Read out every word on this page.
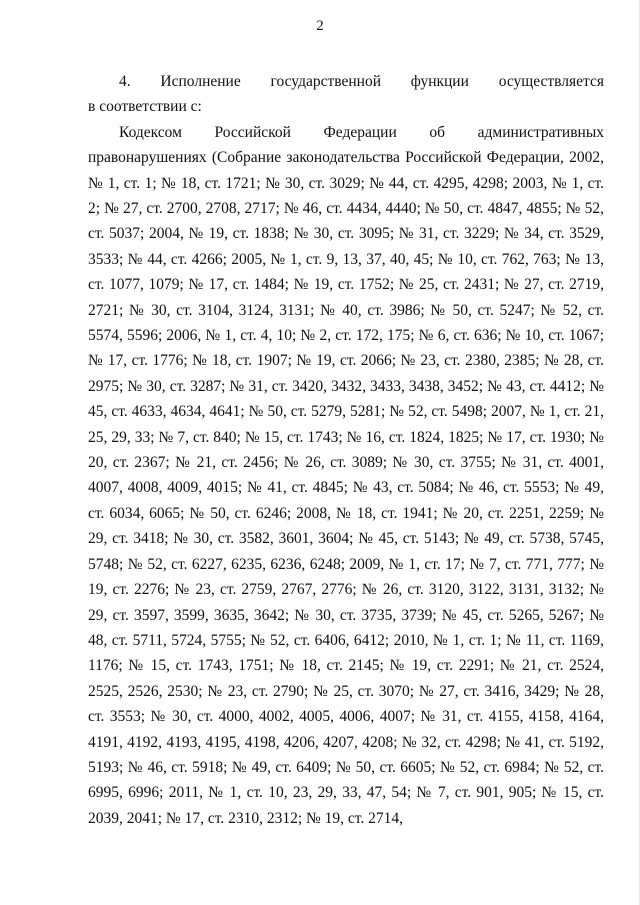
2
4. Исполнение государственной функции осуществляется
в соответствии с:

Кодексом Российской Федерации об административных правонарушениях (Собрание законодательства Российской Федерации, 2002, № 1, ст. 1; № 18, ст. 1721; № 30, ст. 3029; № 44, ст. 4295, 4298; 2003, № 1, ст. 2; № 27, ст. 2700, 2708, 2717; № 46, ст. 4434, 4440; № 50, ст. 4847, 4855; № 52, ст. 5037; 2004, № 19, ст. 1838; № 30, ст. 3095; № 31, ст. 3229; № 34, ст. 3529, 3533; № 44, ст. 4266; 2005, № 1, ст. 9, 13, 37, 40, 45; № 10, ст. 762, 763; № 13, ст. 1077, 1079; № 17, ст. 1484; № 19, ст. 1752; № 25, ст. 2431; № 27, ст. 2719, 2721; № 30, ст. 3104, 3124, 3131; № 40, ст. 3986; № 50, ст. 5247; № 52, ст. 5574, 5596; 2006, № 1, ст. 4, 10; № 2, ст. 172, 175; № 6, ст. 636; № 10, ст. 1067; № 17, ст. 1776; № 18, ст. 1907; № 19, ст. 2066; № 23, ст. 2380, 2385; № 28, ст. 2975; № 30, ст. 3287; № 31, ст. 3420, 3432, 3433, 3438, 3452; № 43, ст. 4412; № 45, ст. 4633, 4634, 4641; № 50, ст. 5279, 5281; № 52, ст. 5498; 2007, № 1, ст. 21, 25, 29, 33; № 7, ст. 840; № 15, ст. 1743; № 16, ст. 1824, 1825; № 17, ст. 1930; № 20, ст. 2367; № 21, ст. 2456; № 26, ст. 3089; № 30, ст. 3755; № 31, ст. 4001, 4007, 4008, 4009, 4015; № 41, ст. 4845; № 43, ст. 5084; № 46, ст. 5553; № 49, ст. 6034, 6065; № 50, ст. 6246; 2008, № 18, ст. 1941; № 20, ст. 2251, 2259; № 29, ст. 3418; № 30, ст. 3582, 3601, 3604; № 45, ст. 5143; № 49, ст. 5738, 5745, 5748; № 52, ст. 6227, 6235, 6236, 6248; 2009, № 1, ст. 17; № 7, ст. 771, 777; № 19, ст. 2276; № 23, ст. 2759, 2767, 2776; № 26, ст. 3120, 3122, 3131, 3132; № 29, ст. 3597, 3599, 3635, 3642; № 30, ст. 3735, 3739; № 45, ст. 5265, 5267; № 48, ст. 5711, 5724, 5755; № 52, ст. 6406, 6412; 2010, № 1, ст. 1; № 11, ст. 1169, 1176; № 15, ст. 1743, 1751; № 18, ст. 2145; № 19, ст. 2291; № 21, ст. 2524, 2525, 2526, 2530; № 23, ст. 2790; № 25, ст. 3070; № 27, ст. 3416, 3429; № 28, ст. 3553; № 30, ст. 4000, 4002, 4005, 4006, 4007; № 31, ст. 4155, 4158, 4164, 4191, 4192, 4193, 4195, 4198, 4206, 4207, 4208; № 32, ст. 4298; № 41, ст. 5192, 5193; № 46, ст. 5918; № 49, ст. 6409; № 50, ст. 6605; № 52, ст. 6984; № 52, ст. 6995, 6996; 2011, № 1, ст. 10, 23, 29, 33, 47, 54; № 7, ст. 901, 905; № 15, ст. 2039, 2041; № 17, ст. 2310, 2312; № 19, ст. 2714,
